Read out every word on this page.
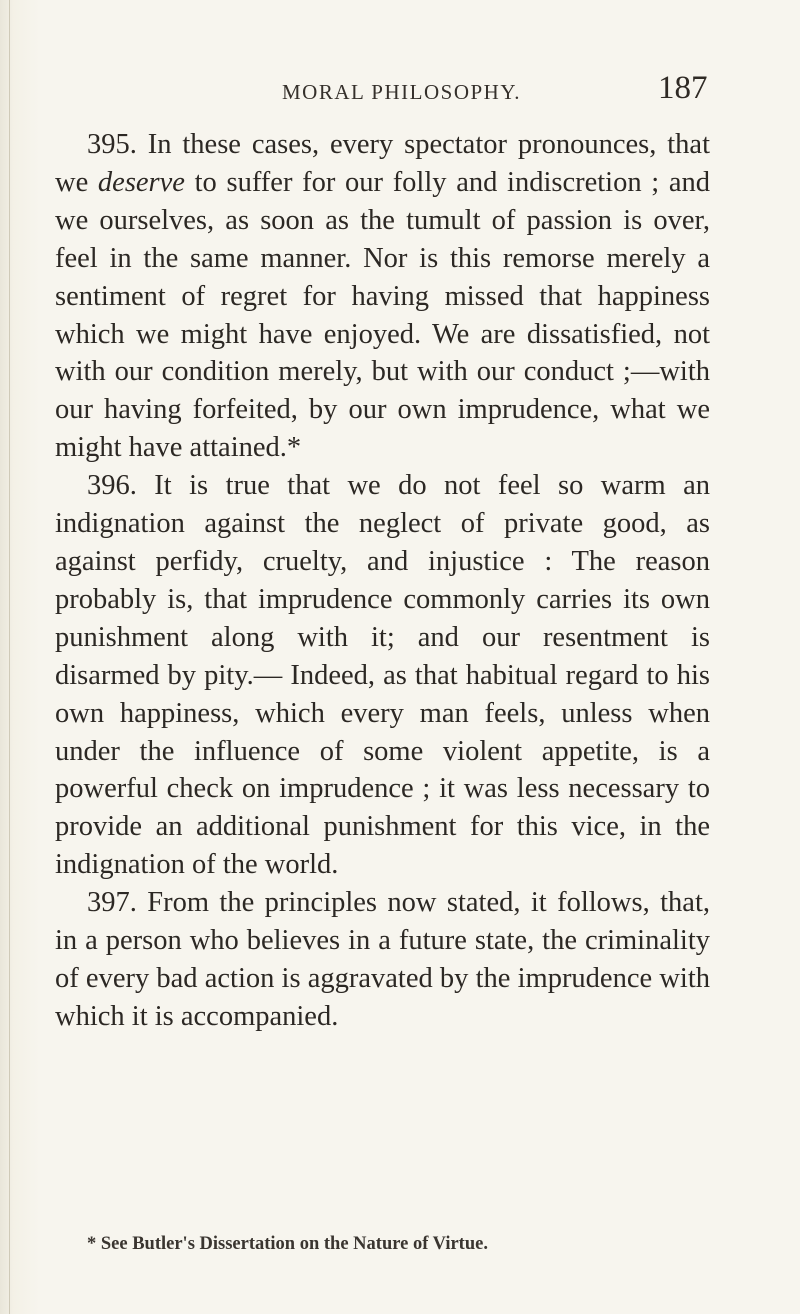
MORAL PHILOSOPHY.	187

395. In these cases, every spectator pronounces, that we deserve to suffer for our folly and indiscretion ; and we ourselves, as soon as the tumult of passion is over, feel in the same manner. Nor is this remorse merely a sentiment of regret for having missed that happiness which we might have enjoyed. We are dissatisfied, not with our condition merely, but with our conduct ;—with our having forfeited, by our own imprudence, what we might have attained.*

396. It is true that we do not feel so warm an indignation against the neglect of private good, as against perfidy, cruelty, and injustice : The reason probably is, that imprudence commonly carries its own punishment along with it; and our resentment is disarmed by pity.— Indeed, as that habitual regard to his own happiness, which every man feels, unless when under the influence of some violent appetite, is a powerful check on imprudence ; it was less necessary to provide an additional punishment for this vice, in the indignation of the world.

397. From the principles now stated, it follows, that, in a person who believes in a future state, the criminality of every bad action is aggravated by the imprudence with which it is accompanied.

* See Butler's Dissertation on the Nature of Virtue.
